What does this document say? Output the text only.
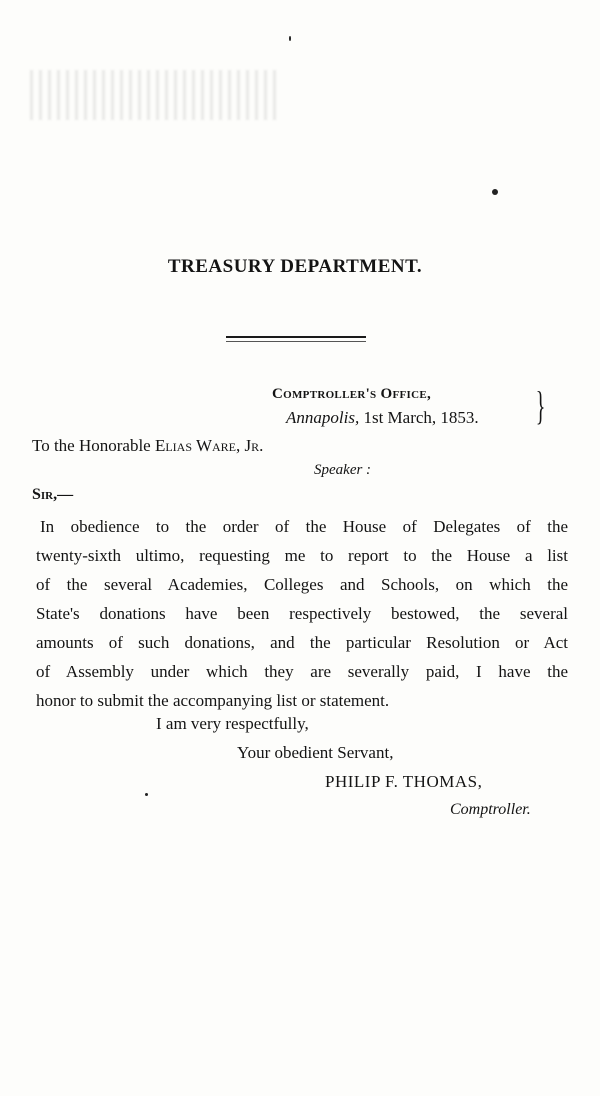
TREASURY DEPARTMENT.
Comptroller's Office,
Annapolis, 1st March, 1853. }
To the Honorable Elias Ware, Jr.
Speaker :
Sir,—
In obedience to the order of the House of Delegates of the
twenty-sixth ultimo, requesting me to report to the House a list
of the several Academies, Colleges and Schools, on which the
State's donations have been respectively bestowed, the several
amounts of such donations, and the particular Resolution or Act
of Assembly under which they are severally paid, I have the
honor to submit the accompanying list or statement.
I am very respectfully,
Your obedient Servant,
PHILIP F. THOMAS,
Comptroller.
